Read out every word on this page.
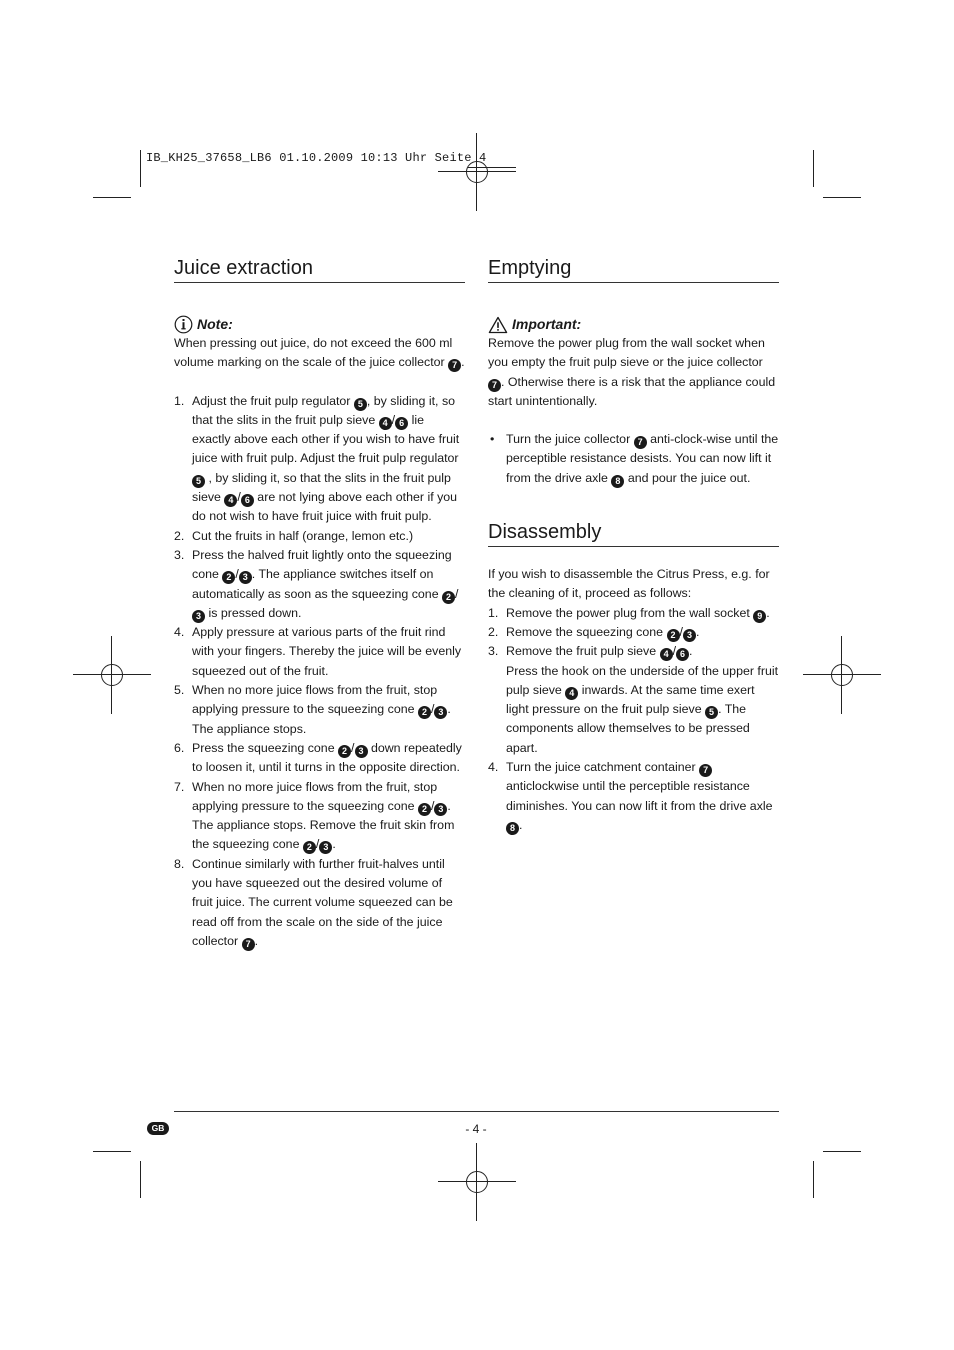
IB_KH25_37658_LB6 01.10.2009 10:13 Uhr Seite 4
Juice extraction

Note:

When pressing out juice, do not exceed the 600 ml volume marking on the scale of the juice collector 7 .

1. Adjust the fruit pulp regulator 5 , by sliding it, so that the slits in the fruit pulp sieve 4 / 6 lie exactly above each other if you wish to have fruit juice with fruit pulp. Adjust the fruit pulp regulator 5 , by sliding it, so that the slits in the fruit pulp sieve 4 / 6 are not lying above each other if you do not wish to have fruit juice with fruit pulp.
2. Cut the fruits in half (orange, lemon etc.)
3. Press the halved fruit lightly onto the squeezing cone 2 / 3 . The appliance switches itself on automatically as soon as the squeezing cone 2 /3 is pressed down.
4. Apply pressure at various parts of the fruit rind with your fingers. Thereby the juice will be evenly squeezed out of the fruit.
5. When no more juice flows from the fruit, stop applying pressure to the squeezing cone 2 / 3 . The appliance stops.
6. Press the squeezing cone 2 / 3 down repeatedly to loosen it, until it turns in the opposite direction.
7. When no more juice flows from the fruit, stop applying pressure to the squeezing cone 2 / 3 . The appliance stops. Remove the fruit skin from the squeezing cone 2 / 3 .
8. Continue similarly with further fruit-halves until you have squeezed out the desired volume of fruit juice. The current volume squeezed can be read off from the scale on the side of the juice collector 7 .
Emptying

Important:

Remove the power plug from the wall socket when you empty the fruit pulp sieve or the juice collector 7 . Otherwise there is a risk that the appliance could start unintentionally.

• Turn the juice collector 7 anti-clock-wise until the perceptible resistance desists. You can now lift it from the drive axle 8 and pour the juice out.
Disassembly

If you wish to disassemble the Citrus Press, e.g. for the cleaning of it, proceed as follows:

1. Remove the power plug from the wall socket 9 .
2. Remove the squeezing cone 2 / 3 .
3. Remove the fruit pulp sieve 4 / 6 .
Press the hook on the underside of the upper fruit pulp sieve 4 inwards. At the same time exert light pressure on the fruit pulp sieve 5 . The components allow themselves to be pressed apart.
4. Turn the juice catchment container 7 anticlockwise until the perceptible resistance diminishes. You can now lift it from the drive axle 8 .
GB	- 4 -
